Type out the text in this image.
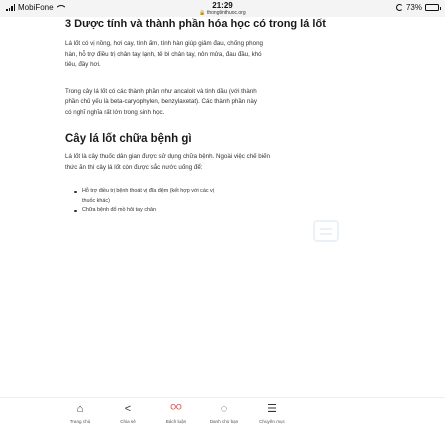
MobiFone	21:29
🔒 thongtinthuoc.org
73%
3 Dược tính và thành phần hóa học có trong lá lốt

Lá lốt có vị nồng, hơi cay, tính ấm, tính hàn giúp giảm đau, chống phong hàn, hỗ trợ điều trị chân tay lạnh, tê bì chân tay, nôn mửa, đau đầu, khó tiêu, đầy hơi.

Trong cây lá lốt có các thành phần như ancaloit và tinh dầu (với thành phần chủ yếu là beta-caryophylen, benzylaxetat). Các thành phần này có nghĩ nghĩa rất lớn trong sinh học.

Cây lá lốt chữa bệnh gì

Lá lốt là cây thuốc dân gian được sử dụng chữa bệnh. Ngoài việc chế biến thức ăn thì cây lá lốt còn được sắc nước uống để:

Hỗ trợ điều trị bệnh thoát vị đĩa đệm (kết hợp với các vị thuốc khác)
Chữa bệnh đổ mồ hôi tay chân
⌂
Trang chủ
<
Chia sẻ
ᴼᴼ
Bách luận
◌
Danh cho bạn
☰
Chuyên mục
